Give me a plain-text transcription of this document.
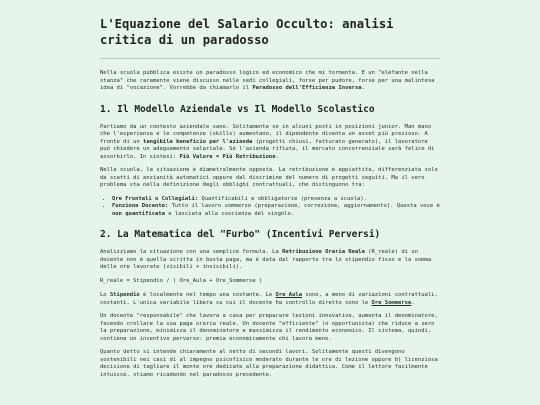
L'Equazione del Salario Occulto: analisi critica di un paradosso

Nella scuola pubblica esiste un paradosso logico ed economico che mi tormenta. E un "elefante nella stanza" che raramente viene discusso nelle sedi collegiali, forse per pudore, forse per una malintesa idea di "vocazione". Vorrebbe da chiamarlo il Paradosso dell'Efficienza Inversa.

1. Il Modello Aziendale vs Il Modello Scolastico

Partiamo da un contesto aziendale sano. Solitamente se in alcuni posti in posizioni junior. Man mano che l'esperienza e le competenze (skills) aumentano, il dipendente diventa un asset più prezioso. A fronte di un tangibile beneficio per l'azienda (progetti chiusi, fatturato generato), il lavoratore può chiedere un adeguamento salariale. Se l'azienda rifiuta, il mercato concorrenziale sarà felice di assorbirlo. In sintesi: Più Valore = Più Retribuzione.

Nella scuola, la situazione è diametralmente opposta. La retribuzione è appiattita, differenziata solo da scatti di anzianità automatici oppure dal discrimine del numero di progetti seguiti. Ma il vero problema sta nella definizione degli obblighi contrattuali, che distinguono tra:

• Ore Frontali o Collegiali: Quantificabili e obbligatorie (presenza a scuola).
• Funzione Docente: Tutto il lavoro sommerso (preparazione, correzione, aggiornamento). Questa voce è non quantificata e lasciata alla coscienza del singolo.
2. La Matematica del "Furbo" (Incentivi Perversi)

Analizziamo la situazione con una semplice formula. La Retribuzione Oraria Reale (R_reale) di un docente non è quella scritta in busta paga, ma è data dal rapporto tra lo stipendio fisso e la somma delle ore lavorate (visibili + invisibili).

R_reale = Stipendio / ( Ore_Aula + Ore_Sommerse )

Lo Stipendio è localmente nel tempo una costante. Le Ore_Aula sono, a meno di variazioni contrattuali, costanti. L'unica variabile libera su cui il docente ha controllo diretto sono le Ore_Sommerse.

Un docente "responsabile" che lavora a casa per preparare lezioni innovative, aumenta il denominatore, facendo crollare la sua paga oraria reale. Un docente "efficiente" (o opportunista) che riduce a zero la preparazione, minimizza il denominatore e massimizza il rendimento economico. Il sistema, quindi, contiene un incentivo perverso: premia economicamente chi lavora meno.

Quanto detto si intende chiaramente al netto di secondi lavori. Solitamente questi divengono sostenibili nei casi di al impegno psicofisico moderato durante le ore di lezione oppure b) licenziosa decisione di tagliare il monte ore dedicate alla preparazione didattica. Come il lettore facilmente intuisce, stiamo ricadendo nel paradosso precedente.
